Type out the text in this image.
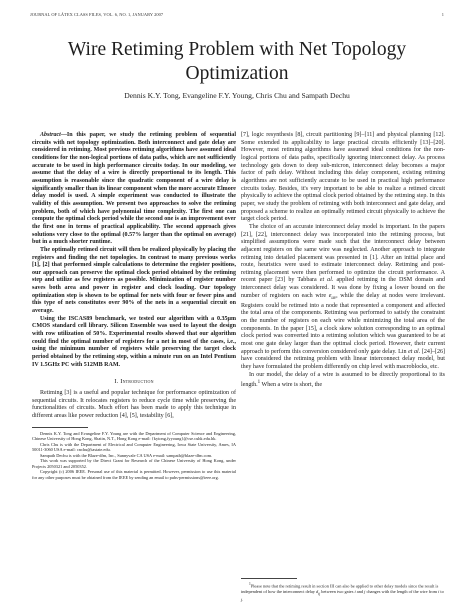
JOURNAL OF LÁTEX CLASS FILES, VOL. 6, NO. 1, JANUARY 2007	1
Wire Retiming Problem with Net Topology
Optimization
Dennis K.Y. Tong, Evangeline F.Y. Young, Chris Chu and Sampath Dechu

Abstract—In this paper, we study the retiming problem of sequential circuits with net topology optimization. Both interconnect and gate delay are considered in retiming. Most previous retiming algorithms have assumed ideal conditions for the non-logical portions of data paths, which are not sufficiently accurate to be used in high performance circuits today. In our modeling, we assume that the delay of a wire is directly proportional to its length. This assumption is reasonable since the quadratic component of a wire delay is significantly smaller than its linear component when the more accurate Elmore delay model is used. A simple experiment was conducted to illustrate the validity of this assumption. We present two approaches to solve the retiming problem, both of which have polynomial time complexity. The first one can compute the optimal clock period while the second one is an improvement over the first one in terms of practical applicability. The second approach gives solutions very close to the optimal (0.57% larger than the optimal on average) but in a much shorter runtime.

The optimally retimed circuit will then be realized physically by placing the registers and finding the net topologies. In contrast to many previous works [1], [2] that performed simple calculations to determine the register positions, our approach can preserve the optimal clock period obtained by the retiming step and utilize as few registers as possible. Minimization of register number saves both area and power in register and clock loading. Our topology optimization step is shown to be optimal for nets with four or fewer pins and this type of nets constitutes over 90% of the nets in a sequential circuit on average.

Using the ISCAS89 benchmark, we tested our algorithm with a 0.35μm CMOS standard cell library. Silicon Ensemble was used to layout the design with row utilization of 50%. Experimental results showed that our algorithm could find the optimal number of registers for a net in most of the cases, i.e., using the minimum number of registers while preserving the target clock period obtained by the retiming step, within a minute run on an Intel Pentium IV 1.5GHz PC with 512MB RAM.

I. Introduction

Retiming [3] is a useful and popular technique for performance optimization of sequential circuits. It relocates registers to reduce cycle time while preserving the functionalities of circuits. Much effort has been made to apply this technique in different areas like power reduction [4], [5], testability [6],

Dennis K.Y. Tong and Evangeline F.Y. Young are with the Department of Computer Science and Engineering, Chinese University of Hong Kong, Shatin, N.T., Hong Kong e-mail: {kytong,fyyoung}@cse.cuhk.edu.hk.

Chris Chu is with the Department of Electrical and Computer Engineering, Iowa State University, Ames, IA 50011-3060 USA e-mail: cnchu@iastate.edu.

Sampath Dechu is with the Blaze-dfm, Inc., Sunnyvale CA USA e-mail: sampath@blaze-dfm.com.

This work was supported by the Direct Grant for Research of the Chinese University of Hong Kong, under Projects 2050321 and 2050352.

Copyright (c) 2006 IEEE. Personal use of this material is permitted. However, permission to use this material for any other purposes must be obtained from the IEEE by sending an email to pubs-permissions@ieee.org.

[7], logic resynthesis [8], circuit partitioning [9]–[11] and physical planning [12]. Some extended its applicability to large practical circuits efficiently [13]–[20]. However, most retiming algorithms have assumed ideal conditions for the non-logical portions of data paths, specifically ignoring interconnect delay. As process technology gets down to deep sub-micron, interconnect delay becomes a major factor of path delay. Without including this delay component, existing retiming algorithms are not sufficiently accurate to be used in practical high performance circuits today. Besides, it's very important to be able to realize a retimed circuit physically to achieve the optimal clock period obtained by the retiming step. In this paper, we study the problem of retiming with both interconnect and gate delay, and proposed a scheme to realize an optimally retimed circuit physically to achieve the target clock period.

The choice of an accurate interconnect delay model is important. In the papers [21], [22], interconnect delay was incorporated into the retiming process, but simplified assumptions were made such that the interconnect delay between adjacent registers on the same wire was neglected. Another approach to integrate retiming into detailed placement was presented in [1]. After an initial place and route, heuristics were used to estimate interconnect delay. Retiming and post-retiming placement were then performed to optimize the circuit performance. A recent paper [23] by Tabbara et al. applied retiming in the DSM domain and interconnect delay was considered. It was done by fixing a lower bound on the number of registers on each wire $e_{uv}$, while the delay at nodes were irrelevant. Registers could be retimed into a node that represented a component and affected the total area of the components. Retiming was performed to satisfy the constraint on the number of registers on each wire while minimizing the total area of the components. In the paper [15], a clock skew solution corresponding to an optimal clock period was converted into a retiming solution which was guaranteed to be at most one gate delay larger than the optimal clock period. However, their current approach to perform this conversion considered only gate delay. Lin et al. [24]–[26] have considered the retiming problem with linear interconnect delay model, but they have formulated the problem differently on chip level with macroblocks, etc.

In our model, the delay of a wire is assumed to be directly proportional to its length.$^1$ When a wire is short, the

$^1$Please note that the retiming result in section III can also be applied to other delay models since the result is independent of how the interconnect delay $d_{ij}$ between two gates i and j changes with the length of the wire from i to j.
